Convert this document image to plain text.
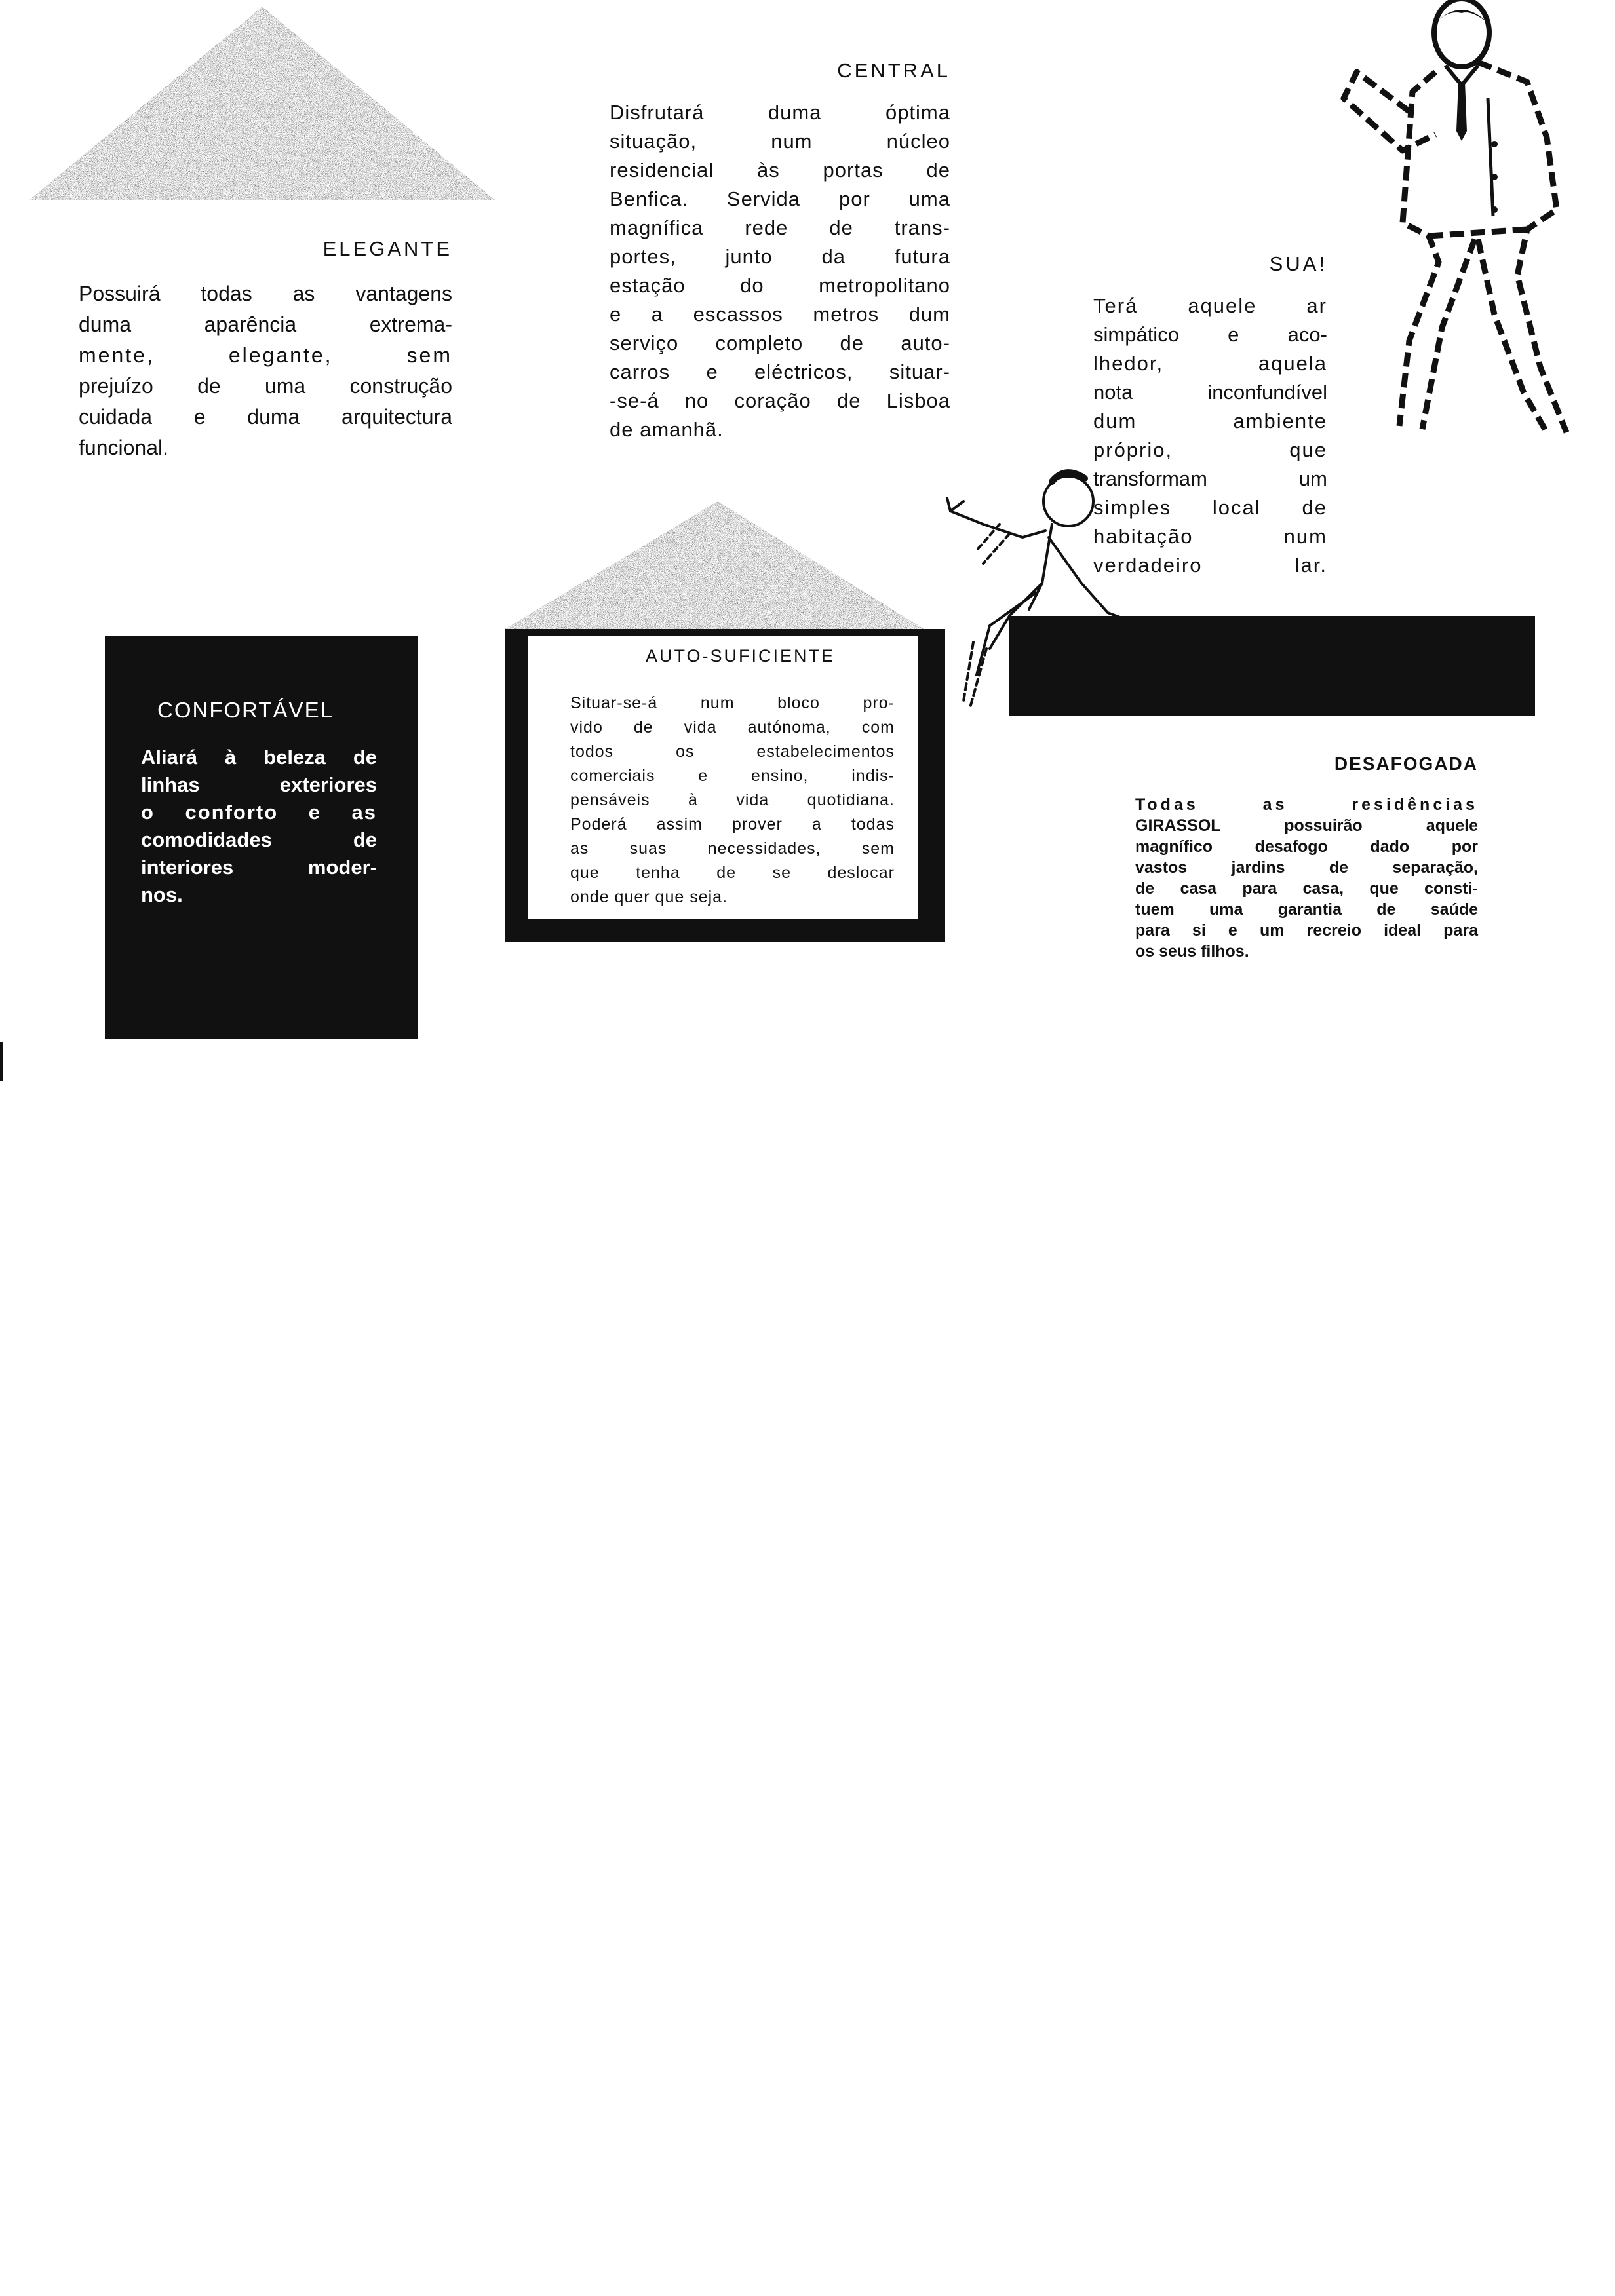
ELEGANTE
Possuirá todas as vantagens
duma aparência extrema-
mente, elegante, sem
prejuízo de uma construção
cuidada e duma arquitectura
funcional.
CENTRAL
Disfrutará duma óptima
situação, num núcleo
residencial às portas de
Benfica. Servida por uma
magnífica rede de trans-
portes, junto da futura
estação do metropolitano
e a escassos metros dum
serviço completo de auto-
carros e eléctricos, situar-
-se-á no coração de Lisboa
de amanhã.
SUA!
Terá aquele ar
simpático e aco-
lhedor, aquela
nota inconfundível
dum ambiente
próprio, que
transformam um
simples local de
habitação num
verdadeiro lar.
CONFORTÁVEL
Aliará à beleza de
linhas exteriores
o conforto e as
comodidades de
interiores moder-
nos.
AUTO-SUFICIENTE
Situar-se-á num bloco pro-
vido de vida autónoma, com
todos os estabelecimentos
comerciais e ensino, indis-
pensáveis à vida quotidiana.
Poderá assim prover a todas
as suas necessidades, sem
que tenha de se deslocar
onde quer que seja.
DESAFOGADA
Todas as residências
GIRASSOL possuirão aquele
magnífico desafogo dado por
vastos jardins de separação,
de casa para casa, que consti-
tuem uma garantia de saúde
para si e um recreio ideal para
os seus filhos.
